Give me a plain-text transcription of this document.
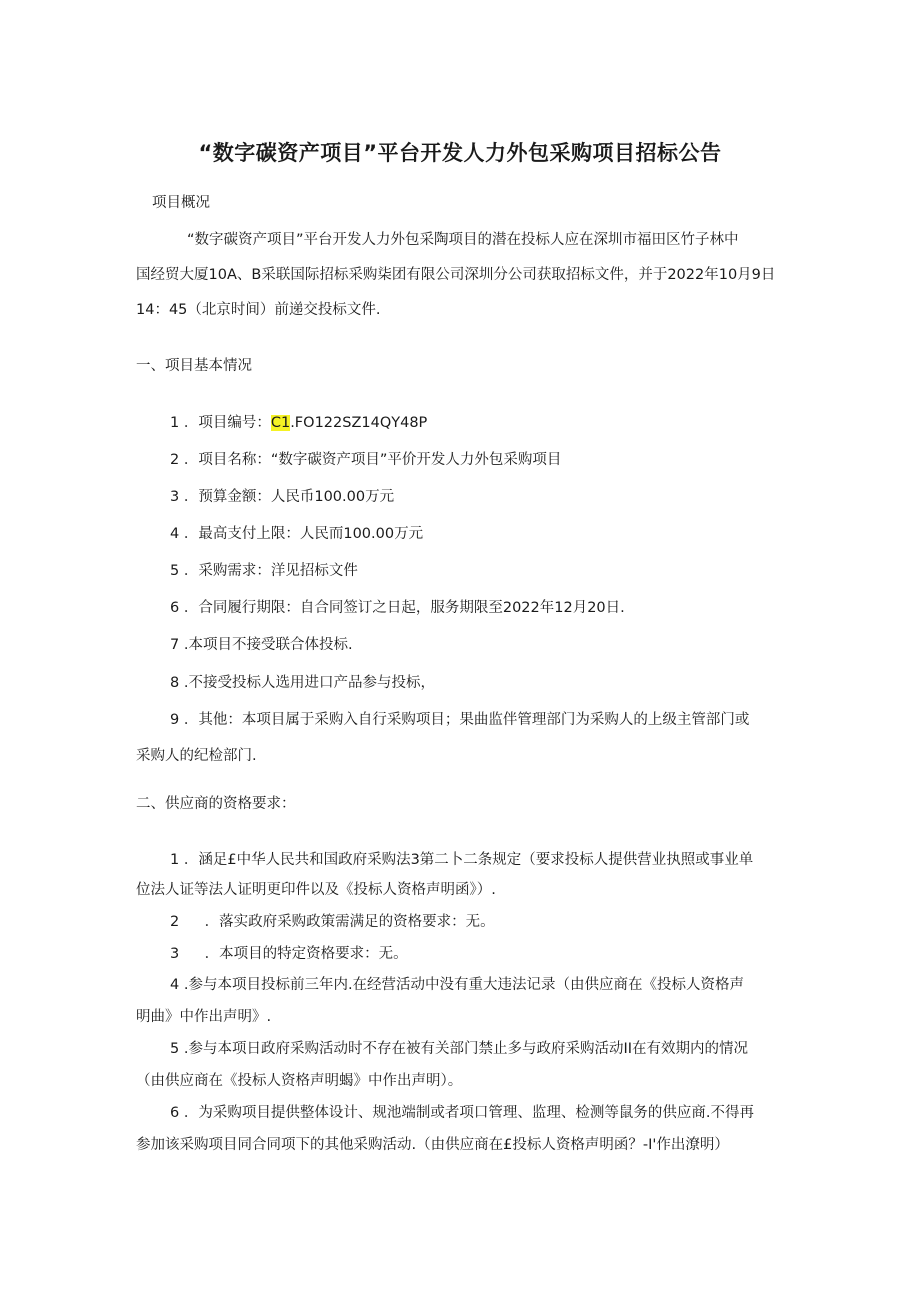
“数字碳资产项目”平台开发人力外包采购项目招标公告
项目概况
“数字碳资产项目”平台开发人力外包采陶项目的潜在投标人应在深圳市福田区竹子林中
国经贸大厦10A、B采联国际招标采购柒团有限公司深圳分公司获取招标文件，并于2022年10月9日
14：45（北京时间）前递交投标文件.
一、项目基本情况
1 ．项目编号：C1.FO122SZ14QY48P
2 ．项目名称：“数字碳资产项目”平价开发人力外包采购项目
3 ．预算金额：人民币100.00万元
4 ．最高支付上限：人民而100.00万元
5 ．采购需求：洋见招标文件
6 ．合同履行期限：自合同签订之日起，服务期限至2022年12月20日.
7 .本项目不接受联合体投标.
8 .不接受投标人选用进口产品参与投标，
9 ．其他：本项目属于采购入自行采购项目；果曲监伴管理部门为采购人的上级主管部门或
采购人的纪检部门.
二、供应商的资格要求：
1 ．涵足£中华人民共和国政府采购法3第二卜二条规定（要求投标人提供营业执照或事业单
位法人证等法人证明更印件以及《投标人资格声明函》）.
2 ．落实政府采购政策需满足的资格要求：无。
3 ．本项目的特定资格要求：无。
4 .参与本项目投标前三年内.在经营活动中没有重大违法记录（由供应商在《投标人资格声
明曲》中作出声明》.
5 .参与本项日政府采购活动时不存在被有关部门禁止多与政府采购活动II在有效期内的情况
（由供应商在《投标人资格声明蝎》中作出声明）。
6 ．为采购项目提供整体设计、规池端制或者项口管理、监理、检测等鼠务的供应商.不得再
参加该采购项目同合同项下的其他采购活动.（由供应商在£投标人资格声明函？-I'作出潦明）
